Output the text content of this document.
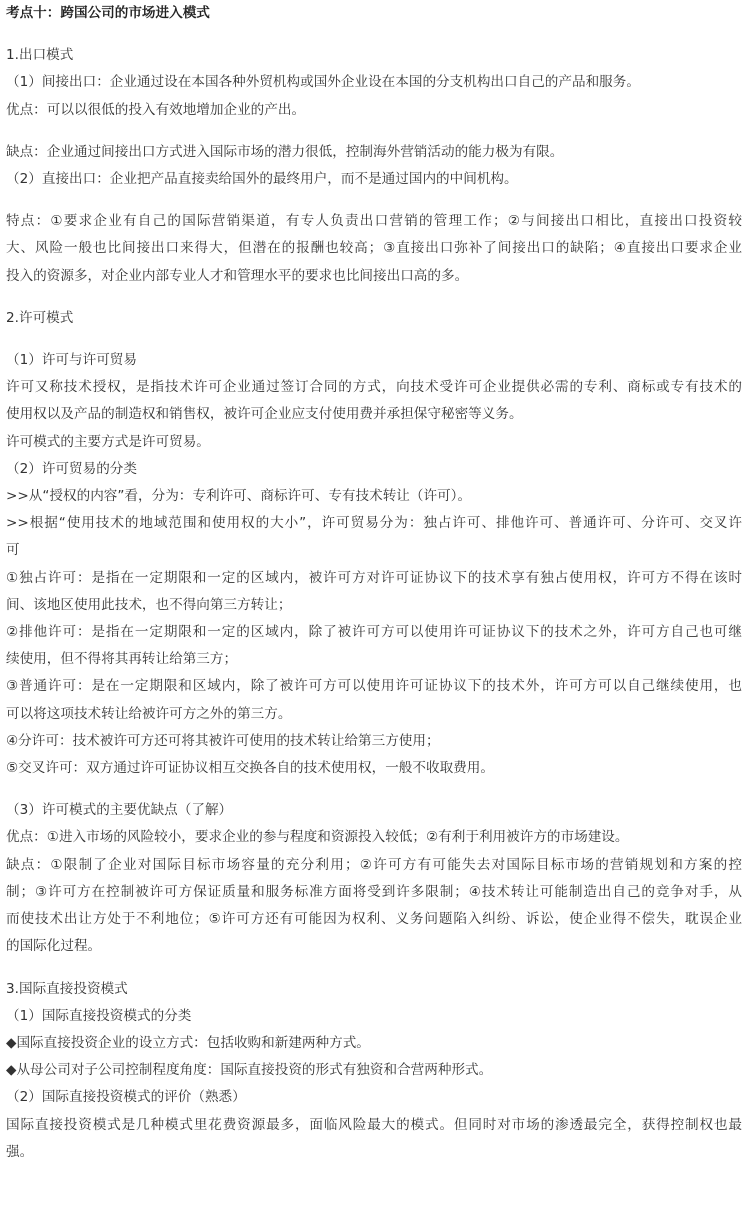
考点十：跨国公司的市场进入模式

1.出口模式

（1）间接出口：企业通过设在本国各种外贸机构或国外企业设在本国的分支机构出口自己的产品和服务。

优点：可以以很低的投入有效地增加企业的产出。

缺点：企业通过间接出口方式进入国际市场的潜力很低，控制海外营销活动的能力极为有限。

（2）直接出口：企业把产品直接卖给国外的最终用户，而不是通过国内的中间机构。

特点：①要求企业有自己的国际营销渠道，有专人负责出口营销的管理工作；②与间接出口相比，直接出口投资较

大、风险一般也比间接出口来得大，但潜在的报酬也较高；③直接出口弥补了间接出口的缺陷；④直接出口要求企业

投入的资源多，对企业内部专业人才和管理水平的要求也比间接出口高的多。

2.许可模式

（1）许可与许可贸易

许可又称技术授权，是指技术许可企业通过签订合同的方式，向技术受许可企业提供必需的专利、商标或专有技术的

使用权以及产品的制造权和销售权，被许可企业应支付使用费并承担保守秘密等义务。

许可模式的主要方式是许可贸易。

（2）许可贸易的分类

>>从“授权的内容”看，分为：专利许可、商标许可、专有技术转让（许可）。

>>根据“使用技术的地域范围和使用权的大小”，许可贸易分为：独占许可、排他许可、普通许可、分许可、交叉许

可

①独占许可：是指在一定期限和一定的区域内，被许可方对许可证协议下的技术享有独占使用权，许可方不得在该时

间、该地区使用此技术，也不得向第三方转让；

②排他许可：是指在一定期限和一定的区域内，除了被许可方可以使用许可证协议下的技术之外，许可方自己也可继

续使用，但不得将其再转让给第三方；

③普通许可：是在一定期限和区域内，除了被许可方可以使用许可证协议下的技术外，许可方可以自己继续使用，也

可以将这项技术转让给被许可方之外的第三方。

④分许可：技术被许可方还可将其被许可使用的技术转让给第三方使用；

⑤交叉许可：双方通过许可证协议相互交换各自的技术使用权，一般不收取费用。

（3）许可模式的主要优缺点（了解）

优点：①进入市场的风险较小，要求企业的参与程度和资源投入较低；②有利于利用被许方的市场建设。

缺点：①限制了企业对国际目标市场容量的充分利用；②许可方有可能失去对国际目标市场的营销规划和方案的控

制；③许可方在控制被许可方保证质量和服务标准方面将受到许多限制；④技术转让可能制造出自己的竞争对手，从

而使技术出让方处于不利地位；⑤许可方还有可能因为权利、义务问题陷入纠纷、诉讼，使企业得不偿失，耽误企业

的国际化过程。

3.国际直接投资模式

（1）国际直接投资模式的分类

◆国际直接投资企业的设立方式：包括收购和新建两种方式。

◆从母公司对子公司控制程度角度：国际直接投资的形式有独资和合营两种形式。

（2）国际直接投资模式的评价（熟悉）

国际直接投资模式是几种模式里花费资源最多，面临风险最大的模式。但同时对市场的渗透最完全，获得控制权也最

强。
